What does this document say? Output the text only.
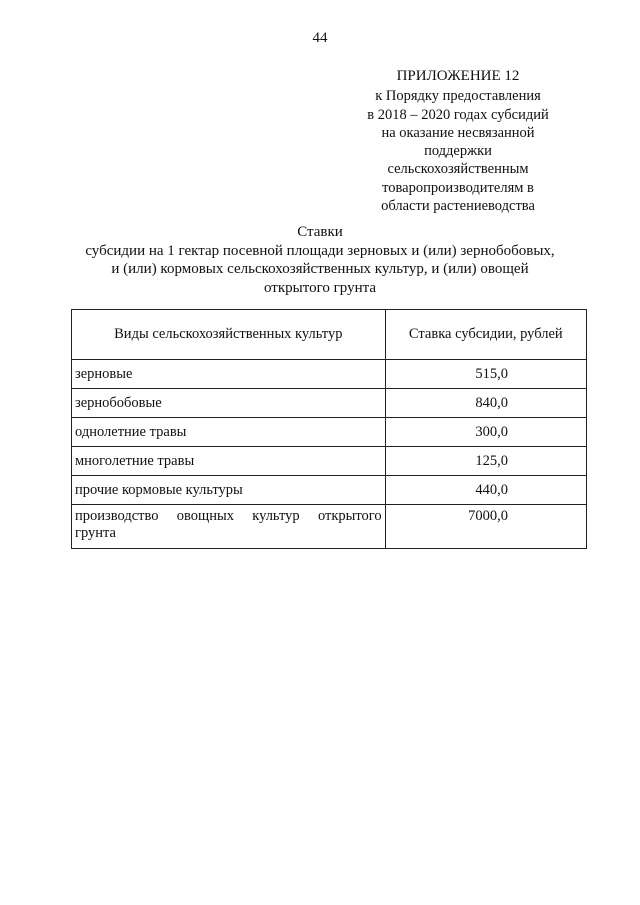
44
ПРИЛОЖЕНИЕ 12
к Порядку предоставления
в 2018 – 2020 годах субсидий
на оказание несвязанной
поддержки
сельскохозяйственным
товаропроизводителям в
области растениеводства
Ставки
субсидии на 1 гектар посевной площади зерновых и (или) зернобобовых,
и (или) кормовых сельскохозяйственных культур, и (или) овощей
открытого грунта
Виды сельскохозяйственных культур	Ставка субсидии, рублей
зерновые	515,0
зернобобовые	840,0
однолетние травы	300,0
многолетние травы	125,0
прочие кормовые культуры	440,0
производство овощных культур открытого грунта	7000,0
